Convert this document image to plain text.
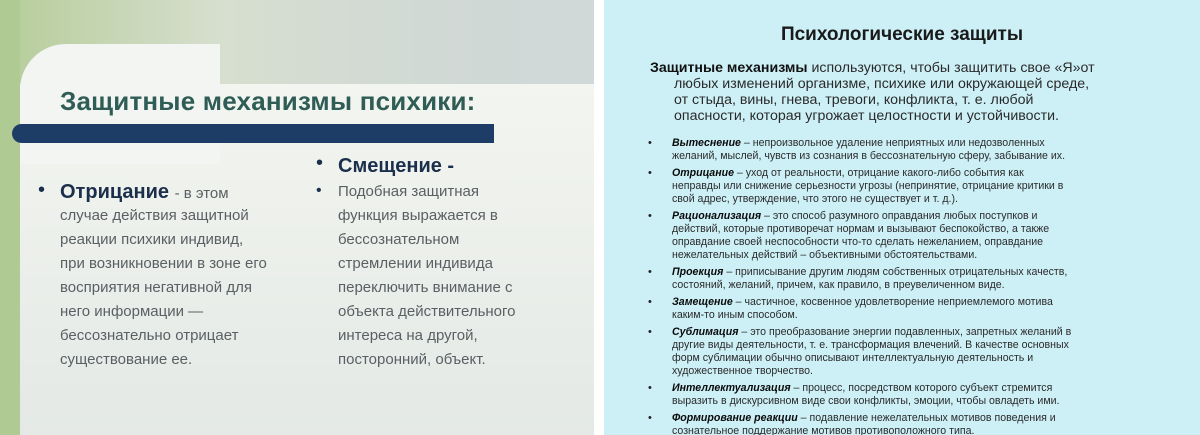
Защитные механизмы психики:
• Отрицание - в этом
случае действия защитной
реакции психики индивид,
при возникновении в зоне его
восприятия негативной для
него информации —
бессознательно отрицает
существование ее.
• Смещение -
• Подобная защитная
функция выражается в
бессознательном
стремлении индивида
переключить внимание с
объекта действительного
интереса на другой,
посторонний, объект.
Психологические защиты
Защитные механизмы используются, чтобы защитить свое «Я»от
любых изменений организме, психике или окружающей среде,
от стыда, вины, гнева, тревоги, конфликта, т. е. любой
опасности, которая угрожает целостности и устойчивости.
• Вытеснение – непроизвольное удаление неприятных или недозволенных
желаний, мыслей, чувств из сознания в бессознательную сферу, забывание их.
• Отрицание – уход от реальности, отрицание какого-либо события как
неправды или снижение серьезности угрозы (непринятие, отрицание критики в
свой адрес, утверждение, что этого не существует и т. д.).
• Рационализация – это способ разумного оправдания любых поступков и
действий, которые противоречат нормам и вызывают беспокойство, а также
оправдание своей неспособности что-то сделать нежеланием, оправдание
нежелательных действий – объективными обстоятельствами.
• Проекция – приписывание другим людям собственных отрицательных качеств,
состояний, желаний, причем, как правило, в преувеличенном виде.
• Замещение – частичное, косвенное удовлетворение неприемлемого мотива
каким-то иным способом.
• Сублимация – это преобразование энергии подавленных, запретных желаний в
другие виды деятельности, т. е. трансформация влечений. В качестве основных
форм сублимации обычно описывают интеллектуальную деятельность и
художественное творчество.
• Интеллектуализация – процесс, посредством которого субъект стремится
выразить в дискурсивном виде свои конфликты, эмоции, чтобы овладеть ими.
• Формирование реакции – подавление нежелательных мотивов поведения и
сознательное поддержание мотивов противоположного типа.
